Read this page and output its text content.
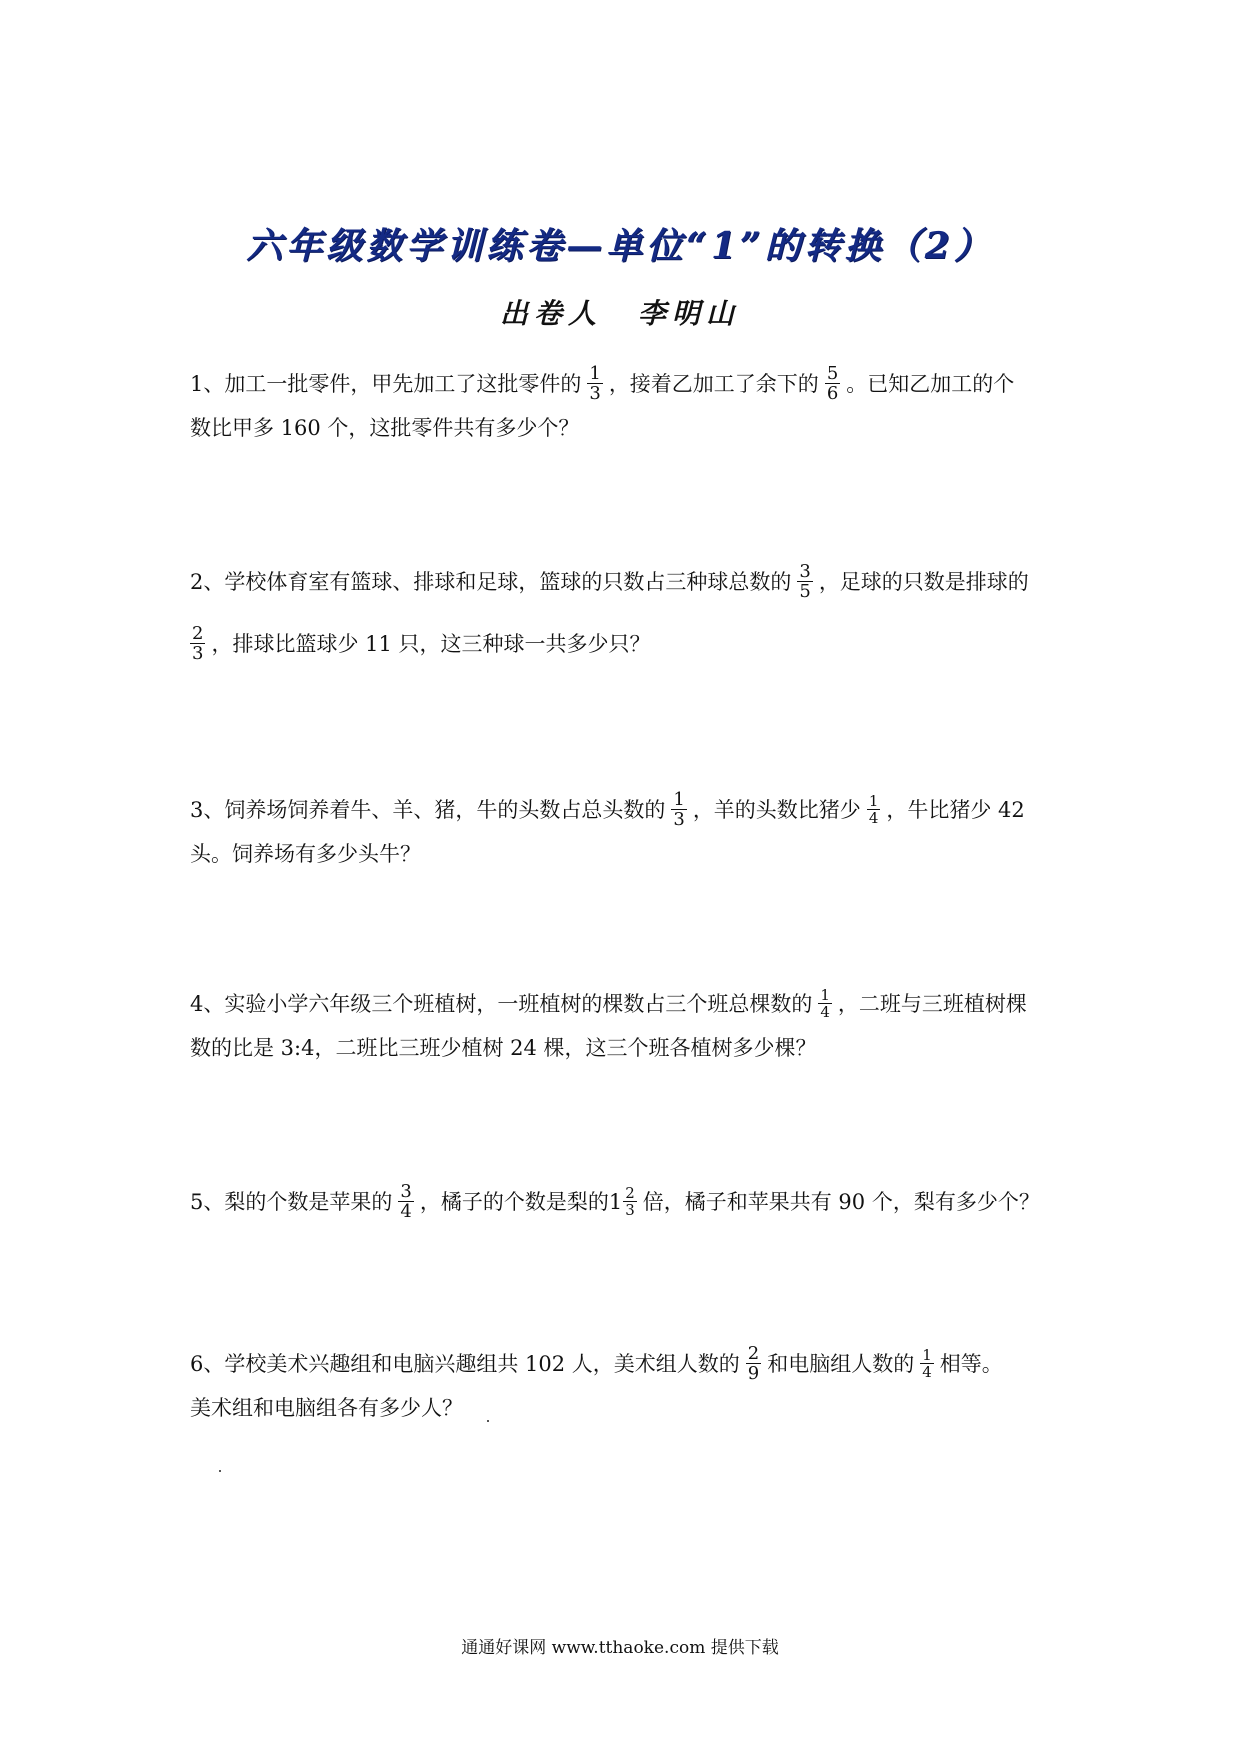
六年级数学训练卷—单位“1”的转换（2）
出卷人 李明山
1、加工一批零件，甲先加工了这批零件的 $\frac{1}{3}$ ，接着乙加工了余下的 $\frac{5}{6}$ 。已知乙加工的个
数比甲多 160 个，这批零件共有多少个？
2、学校体育室有篮球、排球和足球，篮球的只数占三种球总数的 $\frac{3}{5}$ ，足球的只数是排球的
$\frac{2}{3}$ ，排球比篮球少 11 只，这三种球一共多少只？
3、饲养场饲养着牛、羊、猪，牛的头数占总头数的 $\frac{1}{3}$ ，羊的头数比猪少 $\frac{1}{4}$ ，牛比猪少 42
头。饲养场有多少头牛？
4、实验小学六年级三个班植树，一班植树的棵数占三个班总棵数的 $\frac{1}{4}$ ，二班与三班植树棵
数的比是 3:4，二班比三班少植树 24 棵，这三个班各植树多少棵？
5、梨的个数是苹果的 $\frac{3}{4}$ ，橘子的个数是梨的$1 \frac{2}{3}$ 倍，橘子和苹果共有 90 个，梨有多少个？
6、学校美术兴趣组和电脑兴趣组共 102 人，美术组人数的 $\frac{2}{9}$ 和电脑组人数的 $\frac{1}{4}$ 相等。
美术组和电脑组各有多少人？
通通好课网 www.tthaoke.com 提供下载
